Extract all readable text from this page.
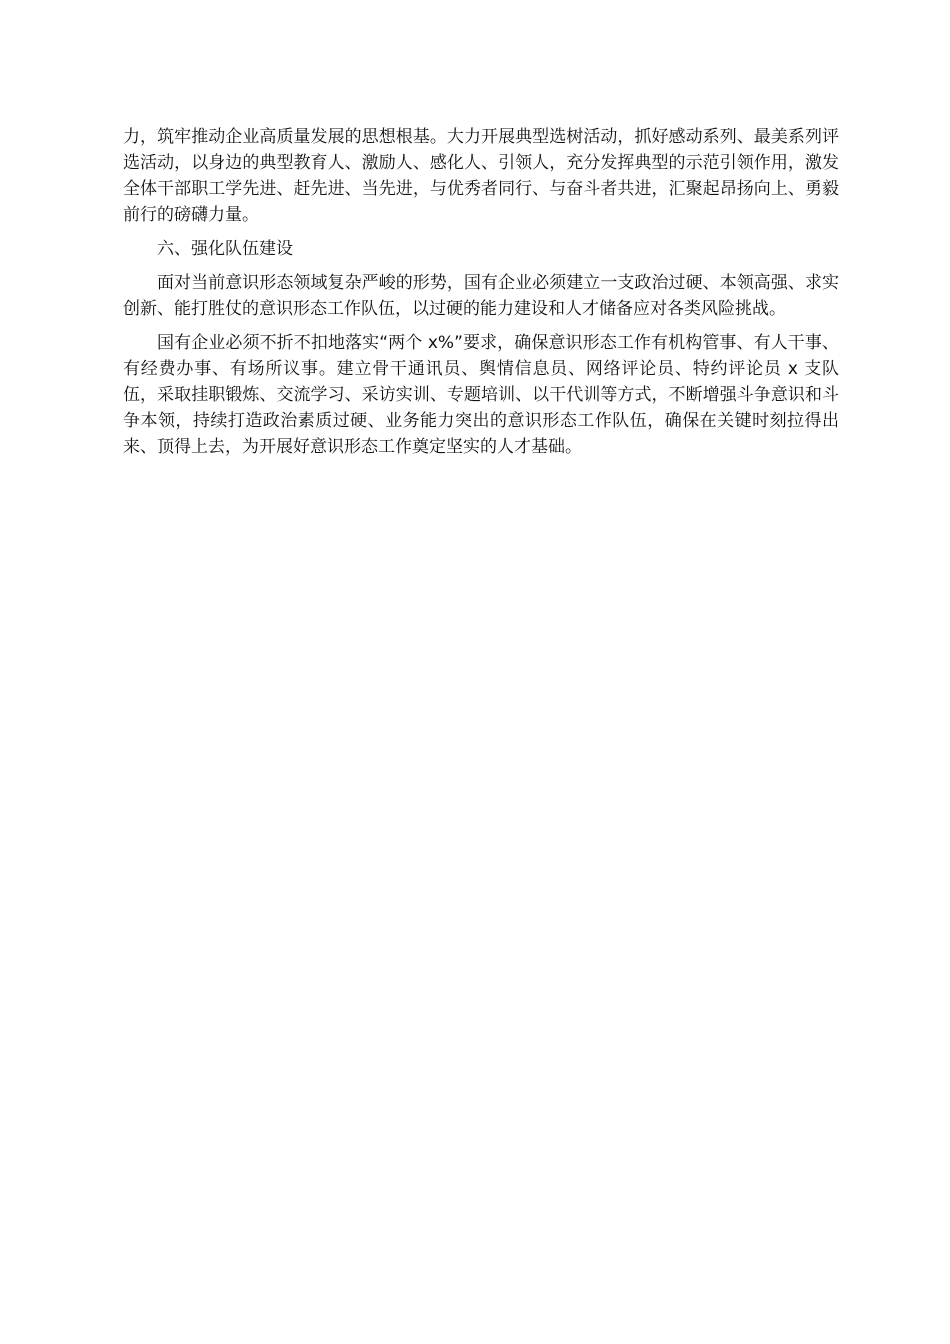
力，筑牢推动企业高质量发展的思想根基。大力开展典型选树活动，抓好感动系列、最美系列评选活动，以身边的典型教育人、激励人、感化人、引领人，充分发挥典型的示范引领作用，激发全体干部职工学先进、赶先进、当先进，与优秀者同行、与奋斗者共进，汇聚起昂扬向上、勇毅前行的磅礴力量。

六、强化队伍建设

面对当前意识形态领域复杂严峻的形势，国有企业必须建立一支政治过硬、本领高强、求实创新、能打胜仗的意识形态工作队伍，以过硬的能力建设和人才储备应对各类风险挑战。

国有企业必须不折不扣地落实“两个 x%”要求，确保意识形态工作有机构管事、有人干事、有经费办事、有场所议事。建立骨干通讯员、舆情信息员、网络评论员、特约评论员 x 支队伍，采取挂职锻炼、交流学习、采访实训、专题培训、以干代训等方式，不断增强斗争意识和斗争本领，持续打造政治素质过硬、业务能力突出的意识形态工作队伍，确保在关键时刻拉得出来、顶得上去，为开展好意识形态工作奠定坚实的人才基础。
